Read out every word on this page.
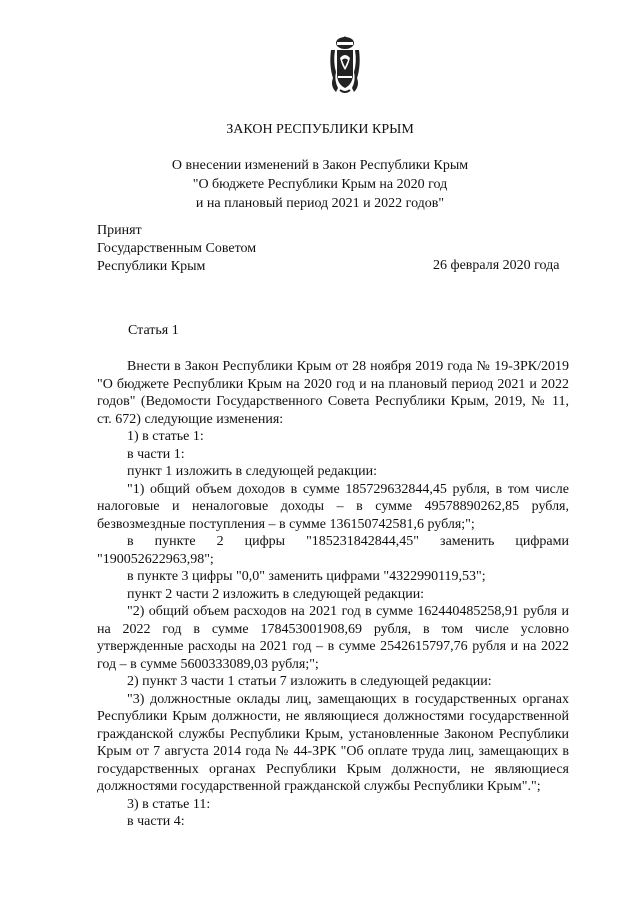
ЗАКОН РЕСПУБЛИКИ КРЫМ
О внесении изменений в Закон Республики Крым
"О бюджете Республики Крым на 2020 год
и на плановый период 2021 и 2022 годов"
Принят
Государственным Советом
Республики Крым	26 февраля 2020 года
Статья 1

Внести в Закон Республики Крым от 28 ноября 2019 года № 19-ЗРК/2019 "О бюджете Республики Крым на 2020 год и на плановый период 2021 и 2022 годов" (Ведомости Государственного Совета Республики Крым, 2019, № 11, ст. 672) следующие изменения:

1) в статье 1:

в части 1:

пункт 1 изложить в следующей редакции:

"1) общий объем доходов в сумме 185729632844,45 рубля, в том числе налоговые и неналоговые доходы – в сумме 49578890262,85 рубля, безвозмездные поступления – в сумме 136150742581,6 рубля;";

в пункте 2 цифры "185231842844,45" заменить цифрами "190052622963,98";

в пункте 3 цифры "0,0" заменить цифрами "4322990119,53";

пункт 2 части 2 изложить в следующей редакции:

"2) общий объем расходов на 2021 год в сумме 162440485258,91 рубля и на 2022 год в сумме 178453001908,69 рубля, в том числе условно утвержденные расходы на 2021 год – в сумме 2542615797,76 рубля и на 2022 год – в сумме 5600333089,03 рубля;";

2) пункт 3 части 1 статьи 7 изложить в следующей редакции:

"3) должностные оклады лиц, замещающих в государственных органах Республики Крым должности, не являющиеся должностями государственной гражданской службы Республики Крым, установленные Законом Республики Крым от 7 августа 2014 года № 44-ЗРК "Об оплате труда лиц, замещающих в государственных органах Республики Крым должности, не являющиеся должностями государственной гражданской службы Республики Крым".";

3) в статье 11:

в части 4:
